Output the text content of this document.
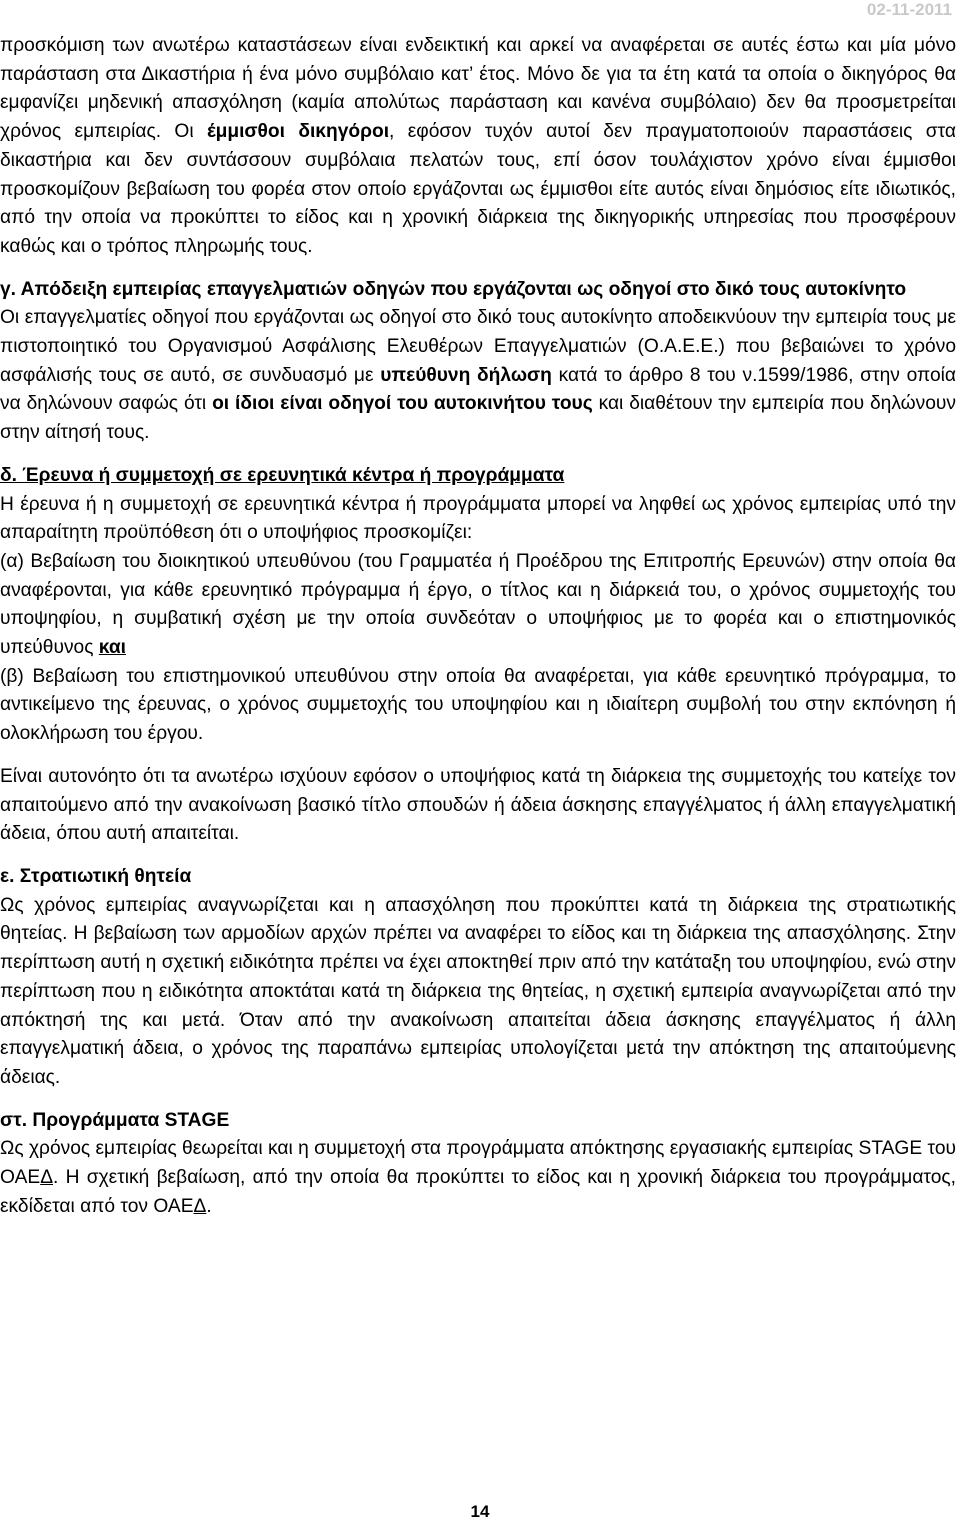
02-11-2011

προσκόμιση των ανωτέρω καταστάσεων είναι ενδεικτική και αρκεί να αναφέρεται σε αυτές έστω και μία μόνο παράσταση στα Δικαστήρια ή ένα μόνο συμβόλαιο κατ’ έτος. Μόνο δε για τα έτη κατά τα οποία ο δικηγόρος θα εμφανίζει μηδενική απασχόληση (καμία απολύτως παράσταση και κανένα συμβόλαιο) δεν θα προσμετρείται χρόνος εμπειρίας. Οι έμμισθοι δικηγόροι, εφόσον τυχόν αυτοί δεν πραγματοποιούν παραστάσεις στα δικαστήρια και δεν συντάσσουν συμβόλαια πελατών τους, επί όσον τουλάχιστον χρόνο είναι έμμισθοι προσκομίζουν βεβαίωση του φορέα στον οποίο εργάζονται ως έμμισθοι είτε αυτός είναι δημόσιος είτε ιδιωτικός, από την οποία να προκύπτει το είδος και η χρονική διάρκεια της δικηγορικής υπηρεσίας που προσφέρουν καθώς και ο τρόπος πληρωμής τους.

γ. Απόδειξη εμπειρίας επαγγελματιών οδηγών που εργάζονται ως οδηγοί στο δικό τους αυτοκίνητο

Οι επαγγελματίες οδηγοί που εργάζονται ως οδηγοί στο δικό τους αυτοκίνητο αποδεικνύουν την εμπειρία τους με πιστοποιητικό του Οργανισμού Ασφάλισης Ελευθέρων Επαγγελματιών (Ο.Α.Ε.Ε.) που βεβαιώνει το χρόνο ασφάλισής τους σε αυτό, σε συνδυασμό με υπεύθυνη δήλωση κατά το άρθρο 8 του ν.1599/1986, στην οποία να δηλώνουν σαφώς ότι οι ίδιοι είναι οδηγοί του αυτοκινήτου τους και διαθέτουν την εμπειρία που δηλώνουν στην αίτησή τους.

δ. Έρευνα ή συμμετοχή σε ερευνητικά κέντρα ή προγράμματα

Η έρευνα ή η συμμετοχή σε ερευνητικά κέντρα ή προγράμματα μπορεί να ληφθεί ως χρόνος εμπειρίας υπό την απαραίτητη προϋπόθεση ότι ο υποψήφιος προσκομίζει:

(α) Βεβαίωση του διοικητικού υπευθύνου (του Γραμματέα ή Προέδρου της Επιτροπής Ερευνών) στην οποία θα αναφέρονται, για κάθε ερευνητικό πρόγραμμα ή έργο, ο τίτλος και η διάρκειά του, ο χρόνος συμμετοχής του υποψηφίου, η συμβατική σχέση με την οποία συνδεόταν ο υποψήφιος με το φορέα και ο επιστημονικός υπεύθυνος και

(β) Βεβαίωση του επιστημονικού υπευθύνου στην οποία θα αναφέρεται, για κάθε ερευνητικό πρόγραμμα, το αντικείμενο της έρευνας, ο χρόνος συμμετοχής του υποψηφίου και η ιδιαίτερη συμβολή του στην εκπόνηση ή ολοκλήρωση του έργου.

Είναι αυτονόητο ότι τα ανωτέρω ισχύουν εφόσον ο υποψήφιος κατά τη διάρκεια της συμμετοχής του κατείχε τον απαιτούμενο από την ανακοίνωση βασικό τίτλο σπουδών ή άδεια άσκησης επαγγέλματος ή άλλη επαγγελματική άδεια, όπου αυτή απαιτείται.

ε. Στρατιωτική θητεία

Ως χρόνος εμπειρίας αναγνωρίζεται και η απασχόληση που προκύπτει κατά τη διάρκεια της στρατιωτικής θητείας. Η βεβαίωση των αρμοδίων αρχών πρέπει να αναφέρει το είδος και τη διάρκεια της απασχόλησης. Στην περίπτωση αυτή η σχετική ειδικότητα πρέπει να έχει αποκτηθεί πριν από την κατάταξη του υποψηφίου, ενώ στην περίπτωση που η ειδικότητα αποκτάται κατά τη διάρκεια της θητείας, η σχετική εμπειρία αναγνωρίζεται από την απόκτησή της και μετά. Όταν από την ανακοίνωση απαιτείται άδεια άσκησης επαγγέλματος ή άλλη επαγγελματική άδεια, ο χρόνος της παραπάνω εμπειρίας υπολογίζεται μετά την απόκτηση της απαιτούμενης άδειας.

στ. Προγράμματα STAGE

Ως χρόνος εμπειρίας θεωρείται και η συμμετοχή στα προγράμματα απόκτησης εργασιακής εμπειρίας STAGE του ΟΑΕΔ. Η σχετική βεβαίωση, από την οποία θα προκύπτει το είδος και η χρονική διάρκεια του προγράμματος, εκδίδεται από τον ΟΑΕΔ.

14
